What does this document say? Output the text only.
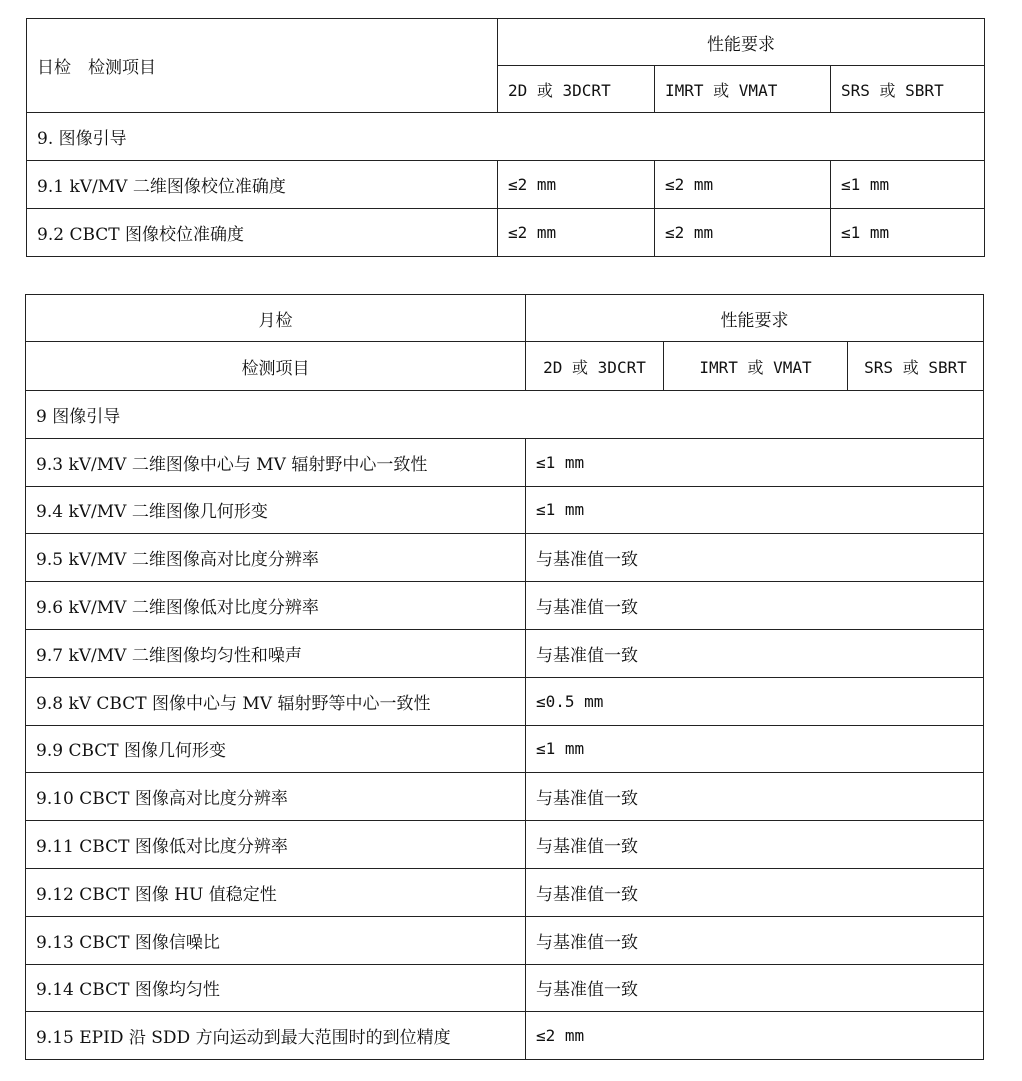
日检　检测项目	性能要求		
	2D 或 3DCRT	IMRT 或 VMAT	SRS 或 SBRT
9. 图像引导			
9.1 kV/MV 二维图像校位准确度	≤2 mm	≤2 mm	≤1 mm
9.2 CBCT 图像校位准确度	≤2 mm	≤2 mm	≤1 mm
月检	性能要求		
检测项目	2D 或 3DCRT	IMRT 或 VMAT	SRS 或 SBRT
9 图像引导			
9.3 kV/MV 二维图像中心与 MV 辐射野中心一致性	≤1 mm		
9.4 kV/MV 二维图像几何形变	≤1 mm		
9.5 kV/MV 二维图像高对比度分辨率	与基准值一致		
9.6 kV/MV 二维图像低对比度分辨率	与基准值一致		
9.7 kV/MV 二维图像均匀性和噪声	与基准值一致		
9.8 kV CBCT 图像中心与 MV 辐射野等中心一致性	≤0.5 mm		
9.9 CBCT 图像几何形变	≤1 mm		
9.10 CBCT 图像高对比度分辨率	与基准值一致		
9.11 CBCT 图像低对比度分辨率	与基准值一致		
9.12 CBCT 图像 HU 值稳定性	与基准值一致		
9.13 CBCT 图像信噪比	与基准值一致		
9.14 CBCT 图像均匀性	与基准值一致		
9.15 EPID 沿 SDD 方向运动到最大范围时的到位精度	≤2 mm		
